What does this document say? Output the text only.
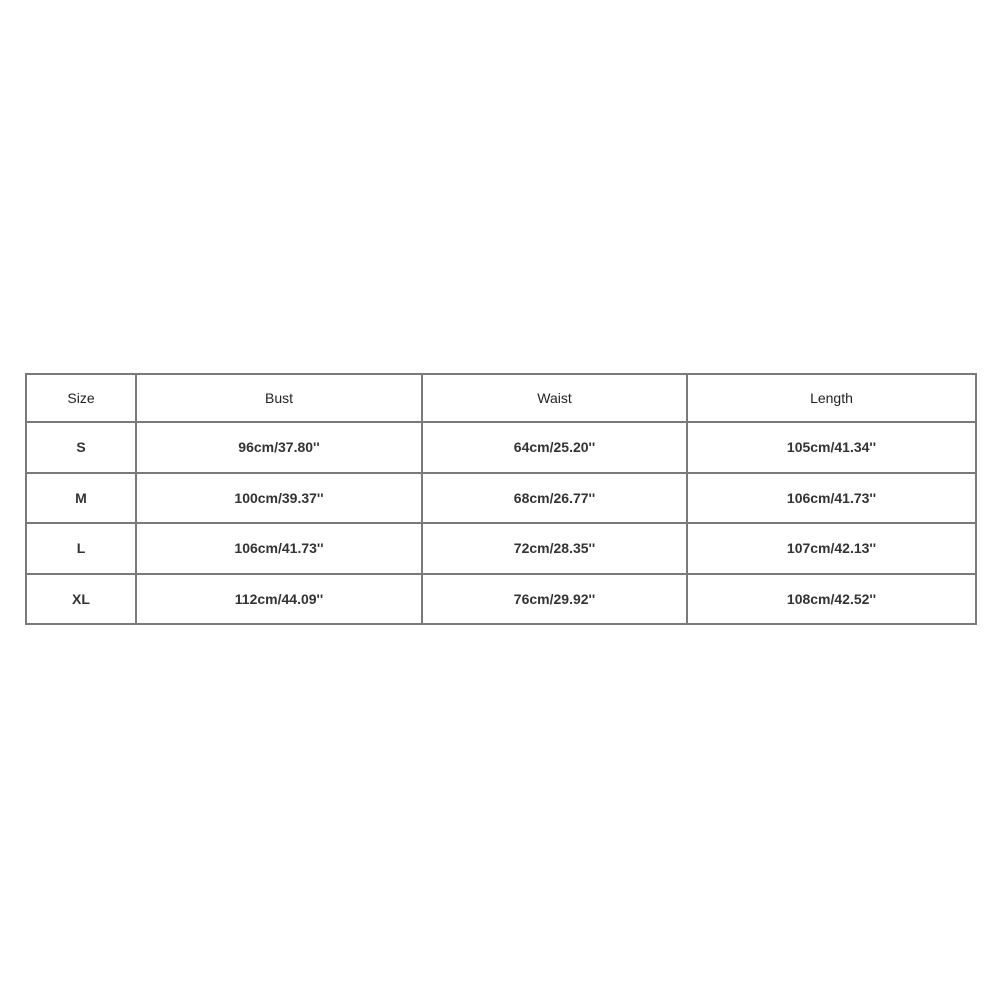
Size	Bust	Waist	Length
S	96cm/37.80''	64cm/25.20''	105cm/41.34''
M	100cm/39.37''	68cm/26.77''	106cm/41.73''
L	106cm/41.73''	72cm/28.35''	107cm/42.13''
XL	112cm/44.09''	76cm/29.92''	108cm/42.52''
